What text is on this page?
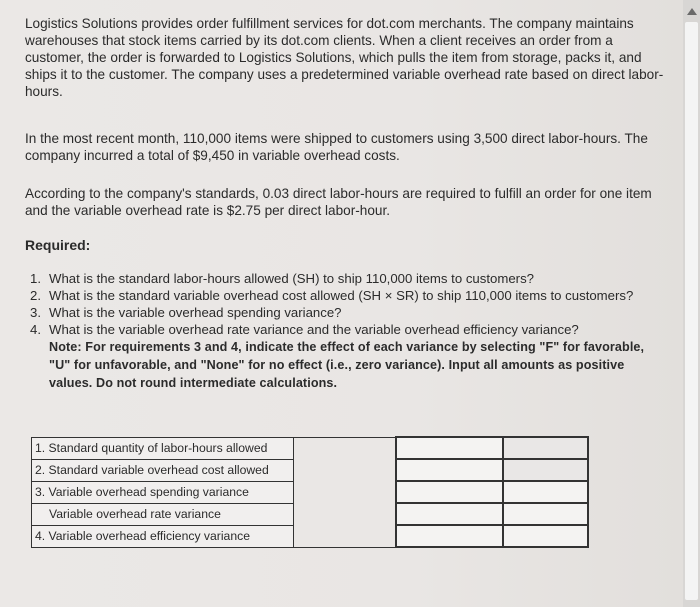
Logistics Solutions provides order fulfillment services for dot.com merchants. The company maintains warehouses that stock items carried by its dot.com clients. When a client receives an order from a customer, the order is forwarded to Logistics Solutions, which pulls the item from storage, packs it, and ships it to the customer. The company uses a predetermined variable overhead rate based on direct labor-hours.

In the most recent month, 110,000 items were shipped to customers using 3,500 direct labor-hours. The company incurred a total of $9,450 in variable overhead costs.

According to the company's standards, 0.03 direct labor-hours are required to fulfill an order for one item and the variable overhead rate is $2.75 per direct labor-hour.

Required:

1. What is the standard labor-hours allowed (SH) to ship 110,000 items to customers?
2. What is the standard variable overhead cost allowed (SH × SR) to ship 110,000 items to customers?
3. What is the variable overhead spending variance?
4. What is the variable overhead rate variance and the variable overhead efficiency variance?
Note: For requirements 3 and 4, indicate the effect of each variance by selecting "F" for favorable, "U" for unfavorable, and "None" for no effect (i.e., zero variance). Input all amounts as positive values. Do not round intermediate calculations.
1. Standard quantity of labor-hours allowed			
2. Standard variable overhead cost allowed			
3. Variable overhead spending variance			
Variable overhead rate variance			
4. Variable overhead efficiency variance			
